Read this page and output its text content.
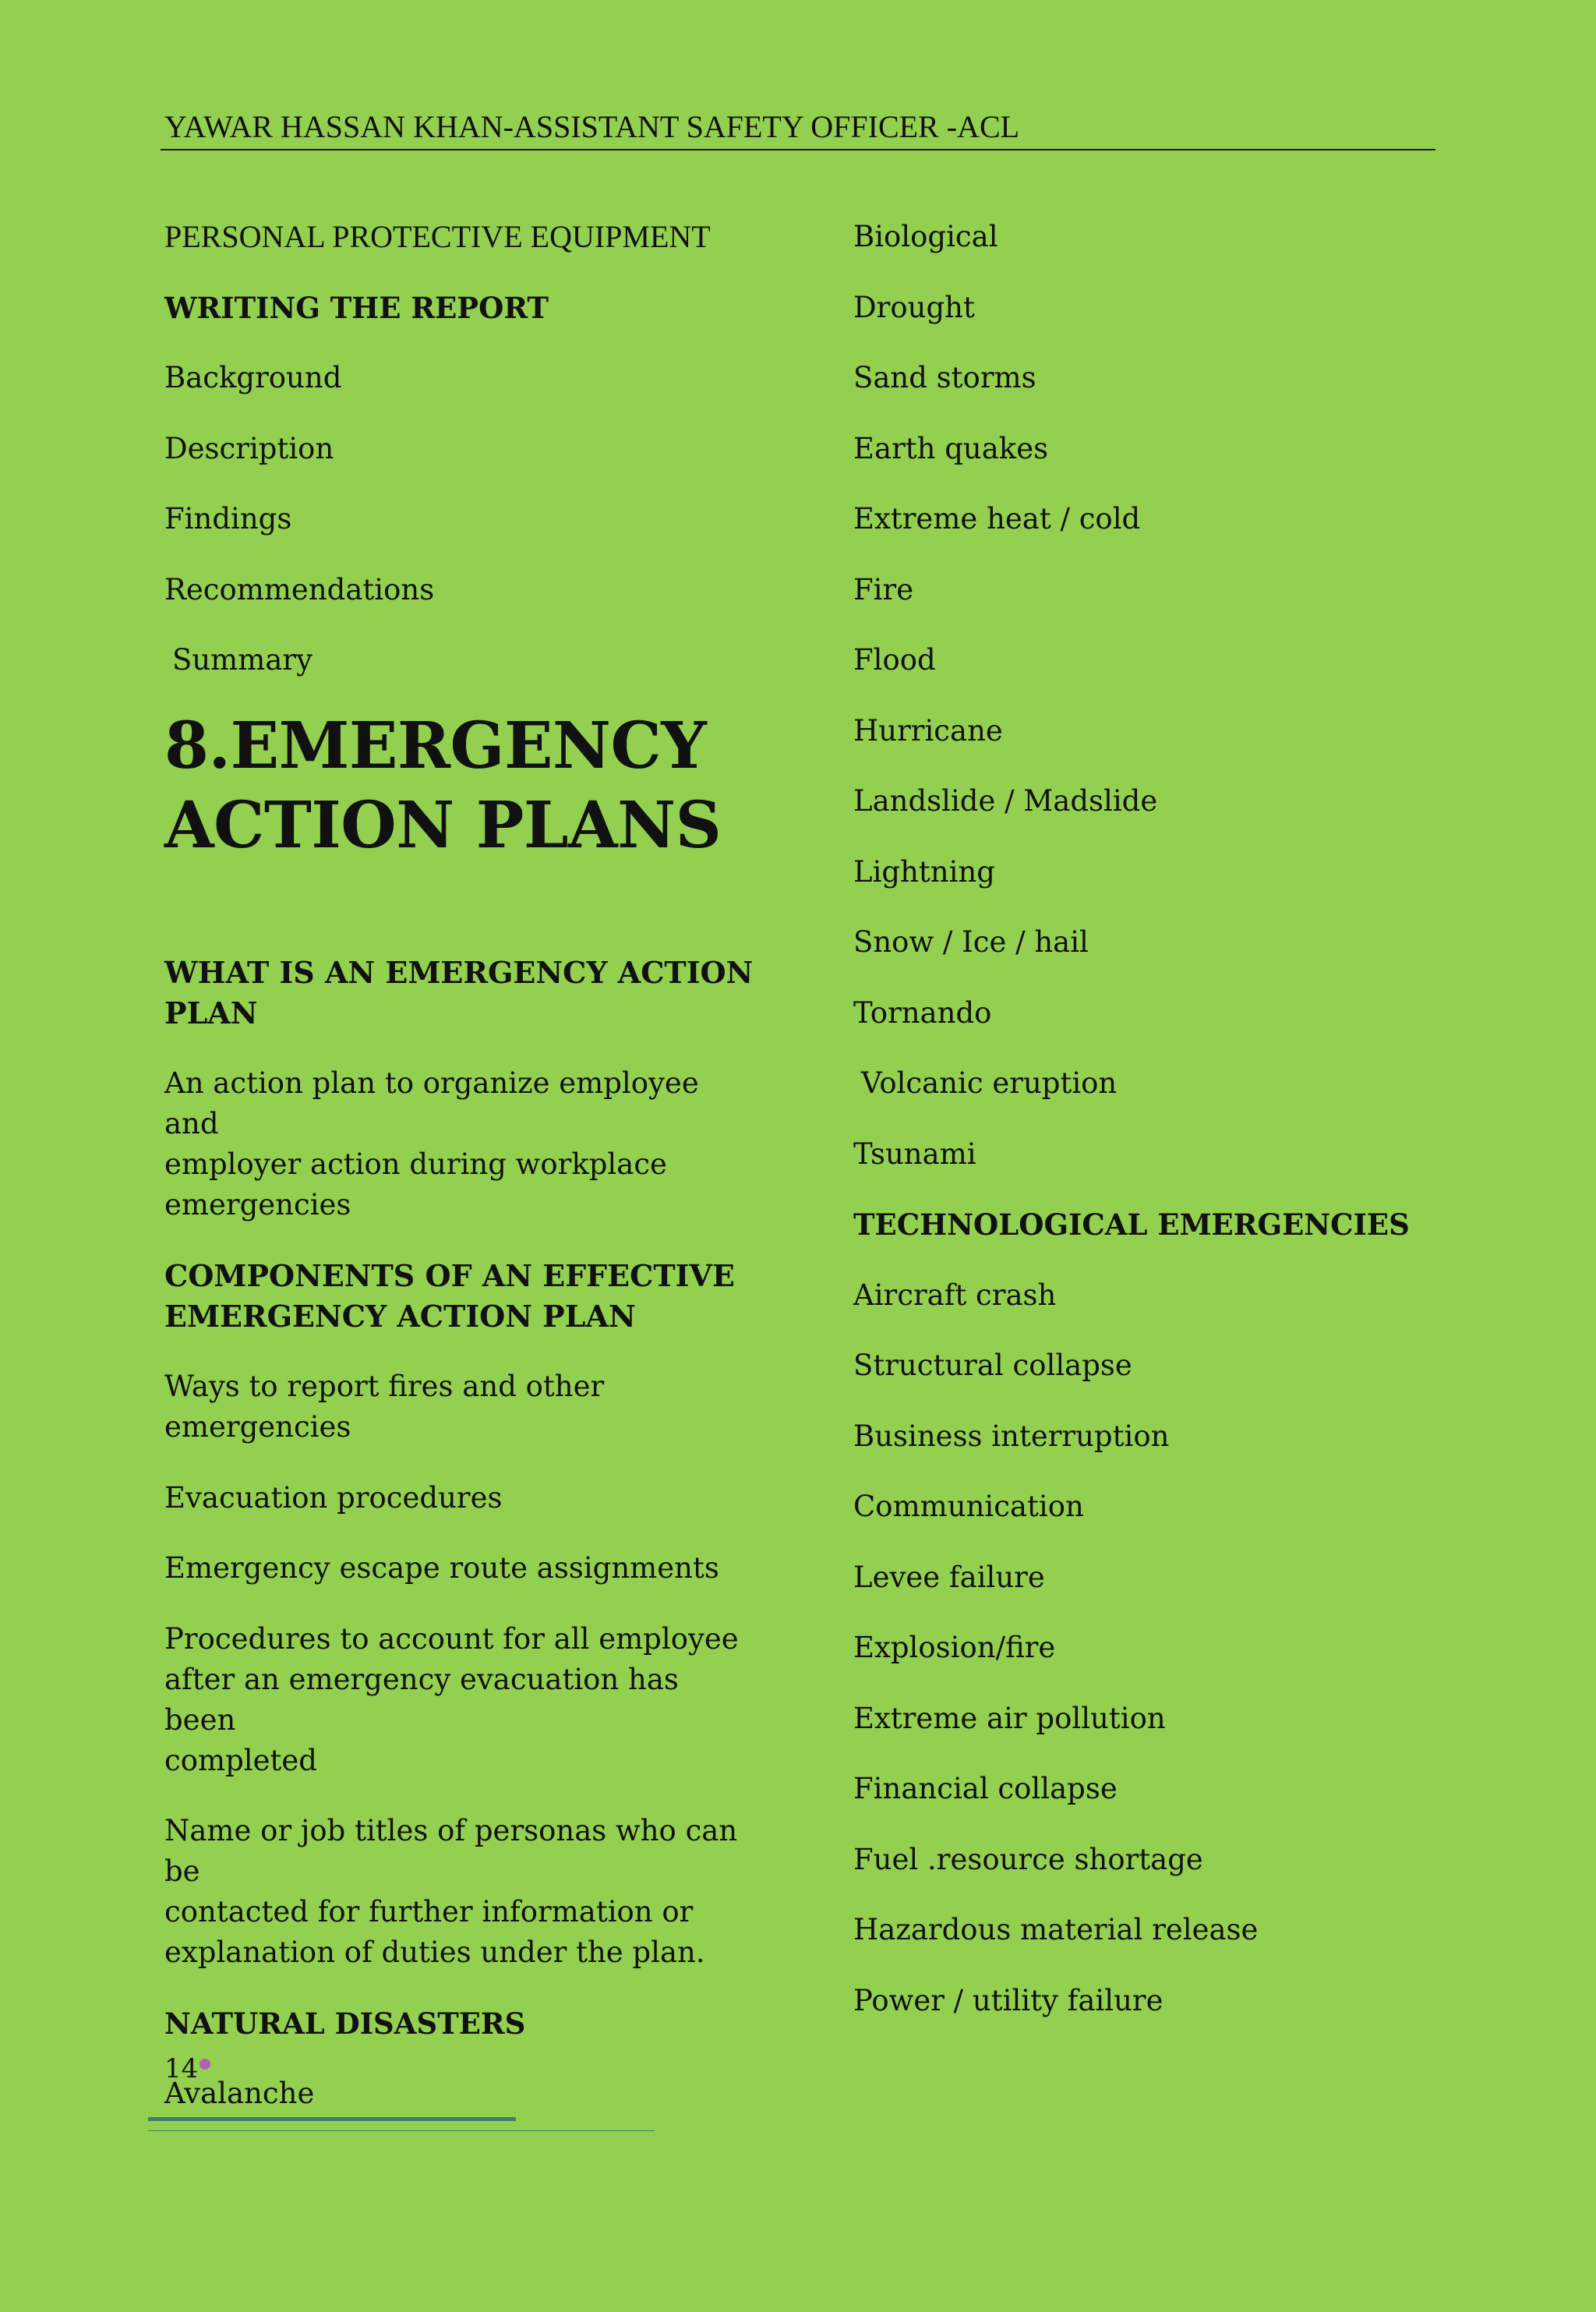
YAWAR HASSAN KHAN-ASSISTANT SAFETY OFFICER -ACL
PERSONAL PROTECTIVE EQUIPMENT
WRITING THE REPORT
Background
Description
Findings
Recommendations
Summary
8.EMERGENCY
ACTION PLANS
WHAT IS AN EMERGENCY ACTION
PLAN
An action plan to organize employee and
employer action during workplace
emergencies
COMPONENTS OF AN EFFECTIVE
EMERGENCY ACTION PLAN
Ways to report fires and other
emergencies
Evacuation procedures
Emergency escape route assignments
Procedures to account for all employee
after an emergency evacuation has been
completed
Name or job titles of personas who can be
contacted for further information or
explanation of duties under the plan.
NATURAL DISASTERS
Avalanche
Biological
Drought
Sand storms
Earth quakes
Extreme heat / cold
Fire
Flood
Hurricane
Landslide / Madslide
Lightning
Snow / Ice / hail
Tornando
Volcanic eruption
Tsunami
TECHNOLOGICAL EMERGENCIES
Aircraft crash
Structural collapse
Business interruption
Communication
Levee failure
Explosion/fire
Extreme air pollution
Financial collapse
Fuel .resource shortage
Hazardous material release
Power / utility failure
14
